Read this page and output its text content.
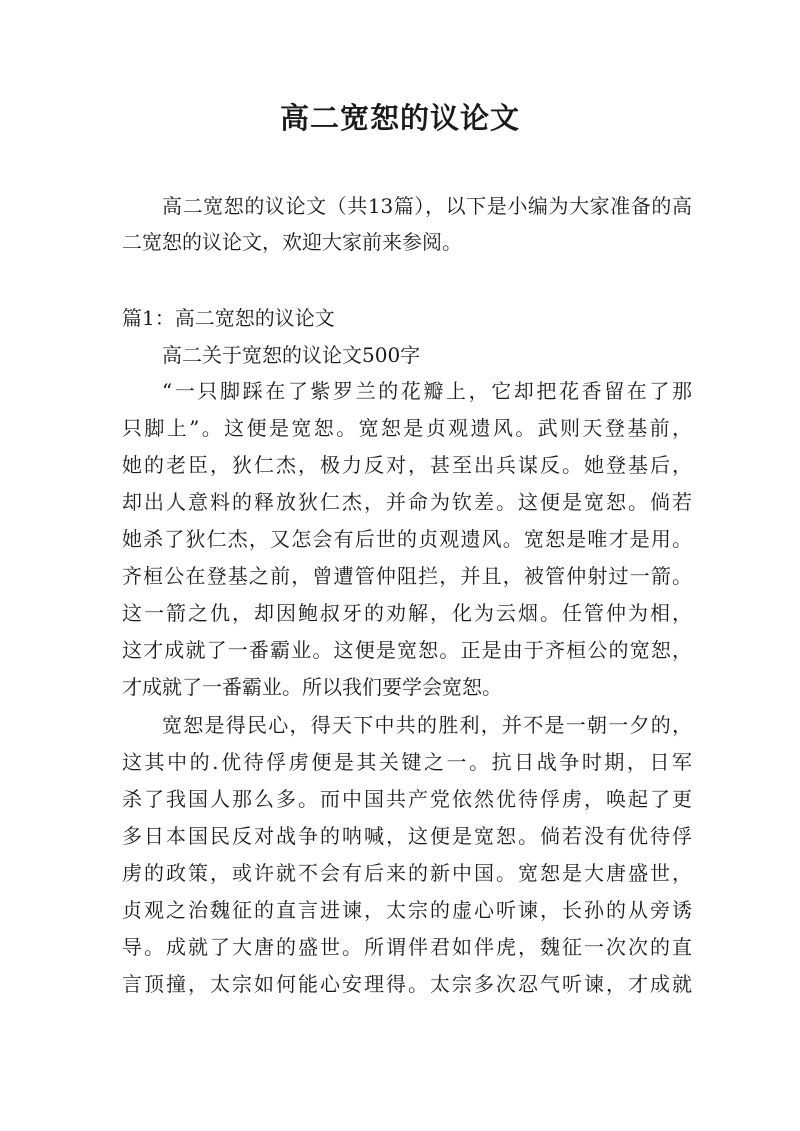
高二宽恕的议论文

高二宽恕的议论文（共13篇），以下是小编为大家准备的高二宽恕的议论文，欢迎大家前来参阅。

篇1：高二宽恕的议论文

高二关于宽恕的议论文500字

“一只脚踩在了紫罗兰的花瓣上，它却把花香留在了那
只脚上”。这便是宽恕。宽恕是贞观遗风。武则天登基前，
她的老臣，狄仁杰，极力反对，甚至出兵谋反。她登基后，
却出人意料的释放狄仁杰，并命为钦差。这便是宽恕。倘若
她杀了狄仁杰，又怎会有后世的贞观遗风。宽恕是唯才是用。
齐桓公在登基之前，曾遭管仲阻拦，并且，被管仲射过一箭。
这一箭之仇，却因鲍叔牙的劝解，化为云烟。任管仲为相，
这才成就了一番霸业。这便是宽恕。正是由于齐桓公的宽恕，
才成就了一番霸业。所以我们要学会宽恕。
宽恕是得民心，得天下中共的胜利，并不是一朝一夕的，
这其中的.优待俘虏便是其关键之一。抗日战争时期，日军
杀了我国人那么多。而中国共产党依然优待俘虏，唤起了更
多日本国民反对战争的呐喊，这便是宽恕。倘若没有优待俘
虏的政策，或许就不会有后来的新中国。宽恕是大唐盛世，
贞观之治魏征的直言进谏，太宗的虚心听谏，长孙的从旁诱
导。成就了大唐的盛世。所谓伴君如伴虎，魏征一次次的直
言顶撞，太宗如何能心安理得。太宗多次忍气听谏，才成就
